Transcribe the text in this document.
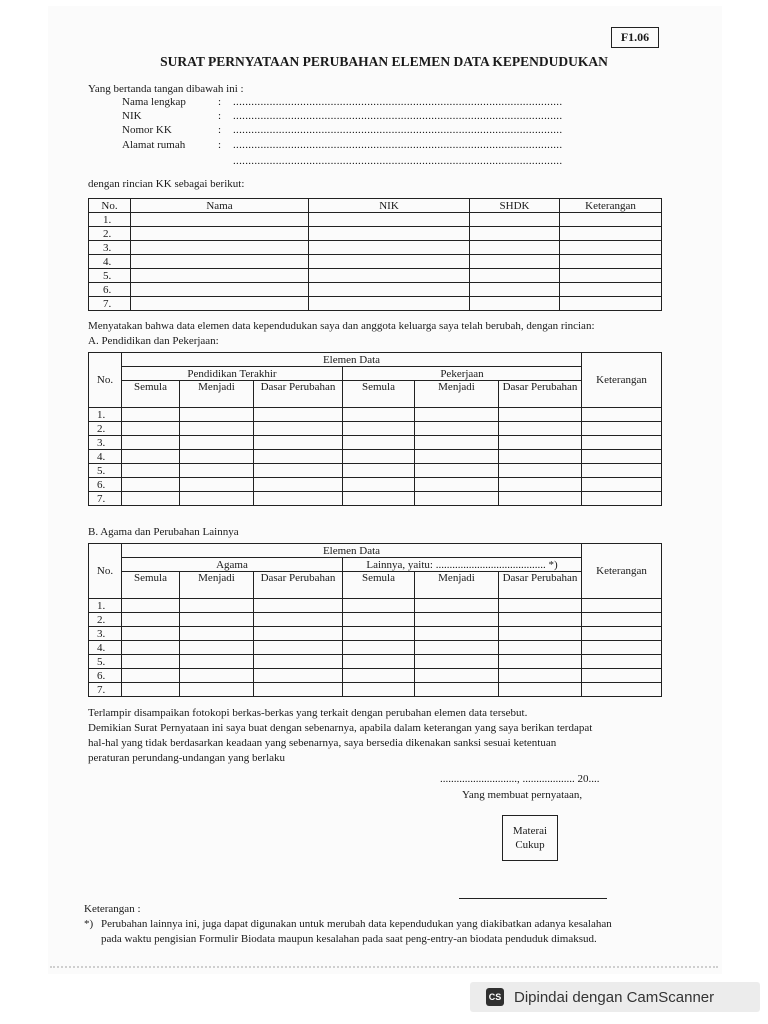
F1.06
SURAT PERNYATAAN PERUBAHAN ELEMEN DATA KEPENDUDUKAN
Yang bertanda tangan dibawah ini :
Nama lengkap	: ............................................................................................................
NIK	: ............................................................................................................
Nomor KK	: ............................................................................................................
Alamat rumah	: ............................................................................................................
............................................................................................................
dengan rincian KK sebagai berikut:
No.	Nama	NIK	SHDK	Keterangan
1.				
2.				
3.				
4.				
5.				
6.				
7.				
Menyatakan bahwa data elemen data kependudukan saya dan anggota keluarga saya telah berubah, dengan rincian:
A. Pendidikan dan Pekerjaan:
No.	Elemen Data						Keterangan
	Pendidikan Terakhir			Pekerjaan			
	Semula	Menjadi	Dasar Perubahan	Semula	Menjadi	Dasar Perubahan	
1.							
2.							
3.							
4.							
5.							
6.							
7.							
B. Agama dan Perubahan Lainnya
No.	Elemen Data						Keterangan
	Agama			Lainnya, yaitu: ........................................ *)			
	Semula	Menjadi	Dasar Perubahan	Semula	Menjadi	Dasar Perubahan	
1.							
2.							
3.							
4.							
5.							
6.							
7.							
Terlampir disampaikan fotokopi berkas-berkas yang terkait dengan perubahan elemen data tersebut.
Demikian Surat Pernyataan ini saya buat dengan sebenarnya, apabila dalam keterangan yang saya berikan terdapat
hal-hal yang tidak berdasarkan keadaan yang sebenarnya, saya bersedia dikenakan sanksi sesuai ketentuan
peraturan perundang-undangan yang berlaku
............................, ................... 20....
Yang membuat pernyataan,
Materai
Cukup
Keterangan :
*) Perubahan lainnya ini, juga dapat digunakan untuk merubah data kependudukan yang diakibatkan adanya kesalahan
pada waktu pengisian Formulir Biodata maupun kesalahan pada saat peng-entry-an biodata penduduk dimaksud.
CS Dipindai dengan CamScanner
